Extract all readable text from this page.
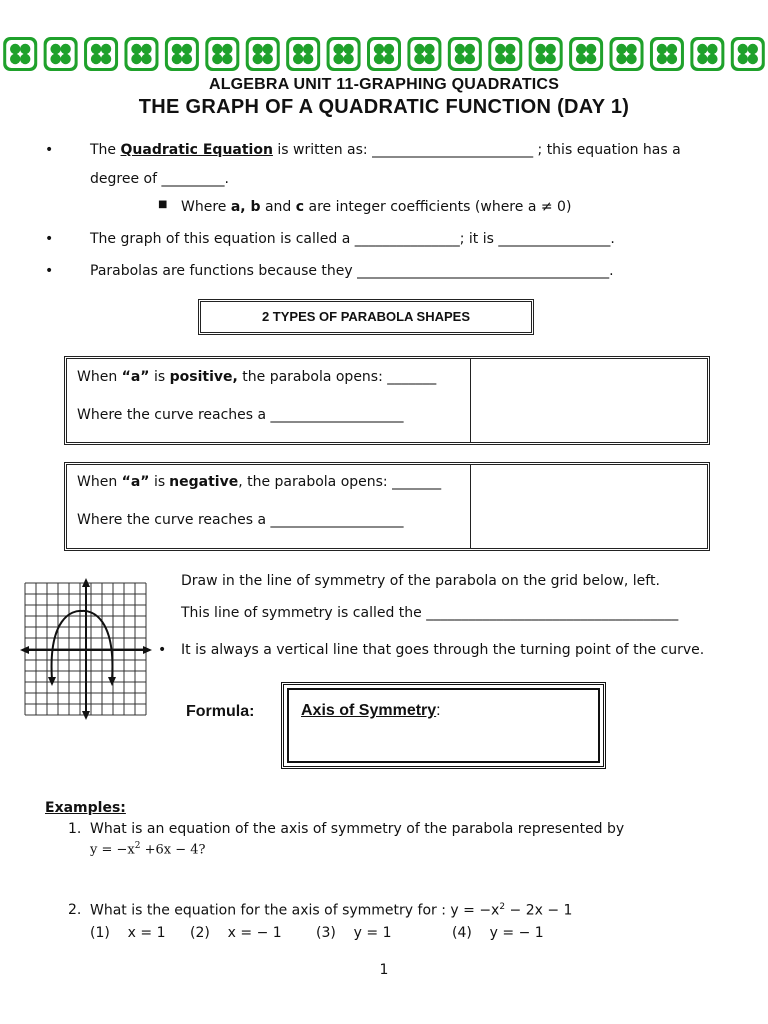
ALGEBRA UNIT 11-GRAPHING QUADRATICS
THE GRAPH OF A QUADRATIC FUNCTION (DAY 1)
•	The Quadratic Equation is written as: _______________________ ; this equation has a
degree of _________.
■ Where a, b and c are integer coefficients (where a ≠ 0)
•	The graph of this equation is called a _______________; it is ________________.
•	Parabolas are functions because they ____________________________________.
2 TYPES OF PARABOLA SHAPES
When “a” is positive, the parabola opens: _______
Where the curve reaches a ___________________
When “a” is negative, the parabola opens: _______
Where the curve reaches a ___________________
Draw in the line of symmetry of the parabola on the grid below, left.
This line of symmetry is called the ____________________________________
• It is always a vertical line that goes through the turning point of the curve.
Formula:	Axis of Symmetry:
Examples:
1. What is an equation of the axis of symmetry of the parabola represented by
$y = -x^2 +6x - 4$?
2. What is the equation for the axis of symmetry for : $y = -x^2 - 2x - 1$
(1) x = 1 (2) x = − 1 (3) y = 1	(4) y = − 1
1
